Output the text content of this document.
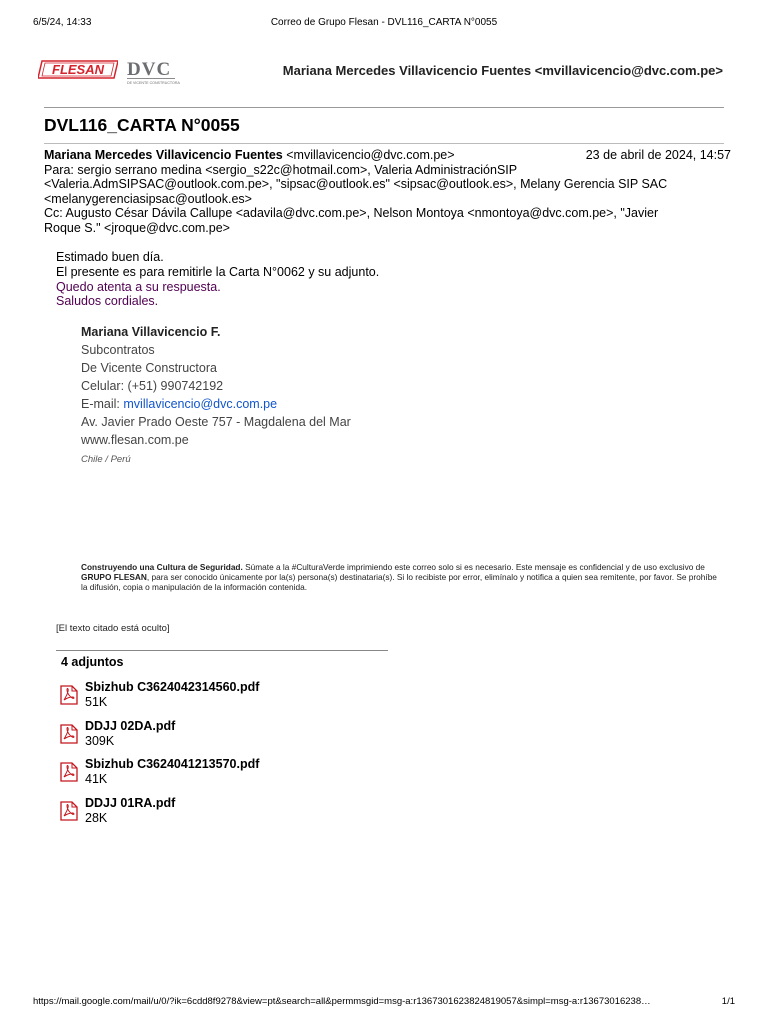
6/5/24, 14:33	Correo de Grupo Flesan - DVL116_CARTA N°0055
FLESAN DVC
DE VICENTE CONSTRUCTORA
Mariana Mercedes Villavicencio Fuentes <mvillavicencio@dvc.com.pe>
DVL116_CARTA N°0055
Mariana Mercedes Villavicencio Fuentes <mvillavicencio@dvc.com.pe>	23 de abril de 2024, 14:57
Para: sergio serrano medina <sergio_s22c@hotmail.com>, Valeria AdministraciónSIP
<Valeria.AdmSIPSAC@outlook.com.pe>, "sipsac@outlook.es" <sipsac@outlook.es>, Melany Gerencia SIP SAC
<melanygerenciasipsac@outlook.es>
Cc: Augusto César Dávila Callupe <adavila@dvc.com.pe>, Nelson Montoya <nmontoya@dvc.com.pe>, "Javier
Roque S." <jroque@dvc.com.pe>
Estimado buen día.
El presente es para remitirle la Carta N°0062 y su adjunto.
Quedo atenta a su respuesta.
Saludos cordiales.
Mariana Villavicencio F.
Subcontratos
De Vicente Constructora
Celular: (+51) 990742192
E-mail: mvillavicencio@dvc.com.pe
Av. Javier Prado Oeste 757 - Magdalena del Mar
www.flesan.com.pe
Chile / Perú
Construyendo una Cultura de Seguridad. Súmate a la #CulturaVerde imprimiendo este correo solo si es necesario. Este mensaje es confidencial y de uso exclusivo de GRUPO FLESAN, para ser conocido únicamente por la(s) persona(s) destinataria(s). Si lo recibiste por error, elimínalo y notifica a quien sea remitente, por favor. Se prohíbe la difusión, copia o manipulación de la información contenida.
[El texto citado está oculto]
4 adjuntos
Sbizhub C3624042314560.pdf
51K
DDJJ 02DA.pdf
309K
Sbizhub C3624041213570.pdf
41K
DDJJ 01RA.pdf
28K
https://mail.google.com/mail/u/0/?ik=6cdd8f9278&view=pt&search=all&permmsgid=msg-a:r1367301623824819057&simpl=msg-a:r13673016238…	1/1
